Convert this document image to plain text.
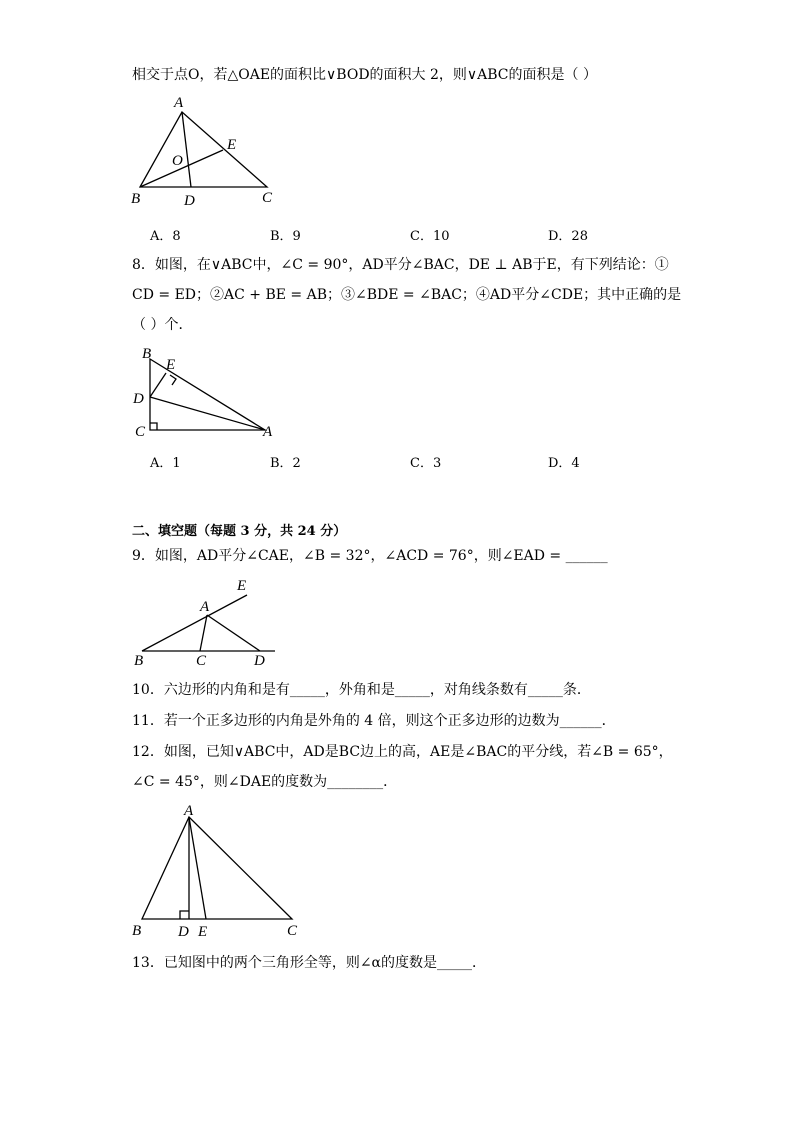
相交于点O，若△OAE的面积比∨BOD的面积大 2，则∨ABC的面积是（ ）
A
B	C
D
E
O
A．8	B．9	C．10	D．28
8．如图，在∨ABC中，∠C = 90°，AD平分∠BAC，DE ⊥ AB于E，有下列结论：①
CD = ED；②AC + BE = AB；③∠BDE = ∠BAC；④AD平分∠CDE；其中正确的是
（ ）个．
B
E
D
C	A
A．1	B．2	C．3	D．4
二、填空题（每题 3 分，共 24 分）
9．如图，AD平分∠CAE，∠B = 32°，∠ACD = 76°，则∠EAD = ______
E
A
B	C	D
10．六边形的内角和是有_____，外角和是_____，对角线条数有_____条．
11．若一个正多边形的内角是外角的 4 倍，则这个正多边形的边数为______．
12．如图，已知∨ABC中，AD是BC边上的高，AE是∠BAC的平分线，若∠B = 65°，
∠C = 45°，则∠DAE的度数为________．
A
B	C
D E
13．已知图中的两个三角形全等，则∠α的度数是_____．
